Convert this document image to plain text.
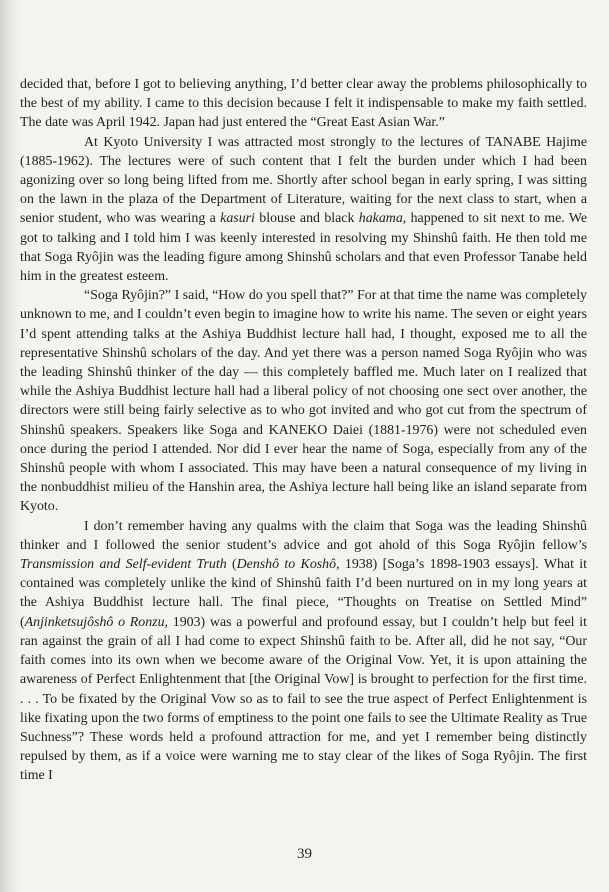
decided that, before I got to believing anything, I’d better clear away the problems philosophically to the best of my ability. I came to this decision because I felt it indispensable to make my faith settled. The date was April 1942. Japan had just entered the “Great East Asian War.”

At Kyoto University I was attracted most strongly to the lectures of TANABE Hajime (1885-1962). The lectures were of such content that I felt the burden under which I had been agonizing over so long being lifted from me. Shortly after school began in early spring, I was sitting on the lawn in the plaza of the Department of Literature, waiting for the next class to start, when a senior student, who was wearing a kasuri blouse and black hakama, happened to sit next to me. We got to talking and I told him I was keenly interested in resolving my Shinshû faith. He then told me that Soga Ryôjin was the leading figure among Shinshû scholars and that even Professor Tanabe held him in the greatest esteem.

“Soga Ryôjin?” I said, “How do you spell that?” For at that time the name was completely unknown to me, and I couldn’t even begin to imagine how to write his name. The seven or eight years I’d spent attending talks at the Ashiya Buddhist lecture hall had, I thought, exposed me to all the representative Shinshû scholars of the day. And yet there was a person named Soga Ryôjin who was the leading Shinshû thinker of the day — this completely baffled me. Much later on I realized that while the Ashiya Buddhist lecture hall had a liberal policy of not choosing one sect over another, the directors were still being fairly selective as to who got invited and who got cut from the spectrum of Shinshû speakers. Speakers like Soga and KANEKO Daiei (1881-1976) were not scheduled even once during the period I attended. Nor did I ever hear the name of Soga, especially from any of the Shinshû people with whom I associated. This may have been a natural consequence of my living in the nonbuddhist milieu of the Hanshin area, the Ashiya lecture hall being like an island separate from Kyoto.

I don’t remember having any qualms with the claim that Soga was the leading Shinshû thinker and I followed the senior student’s advice and got ahold of this Soga Ryôjin fellow’s Transmission and Self-evident Truth (Denshô to Koshô, 1938) [Soga’s 1898-1903 essays]. What it contained was completely unlike the kind of Shinshû faith I’d been nurtured on in my long years at the Ashiya Buddhist lecture hall. The final piece, “Thoughts on Treatise on Settled Mind” (Anjinketsujôshô o Ronzu, 1903) was a powerful and profound essay, but I couldn’t help but feel it ran against the grain of all I had come to expect Shinshû faith to be. After all, did he not say, “Our faith comes into its own when we become aware of the Original Vow. Yet, it is upon attaining the awareness of Perfect Enlightenment that [the Original Vow] is brought to perfection for the first time. . . . To be fixated by the Original Vow so as to fail to see the true aspect of Perfect Enlightenment is like fixating upon the two forms of emptiness to the point one fails to see the Ultimate Reality as True Suchness”? These words held a profound attraction for me, and yet I remember being distinctly repulsed by them, as if a voice were warning me to stay clear of the likes of Soga Ryôjin. The first time I

39
